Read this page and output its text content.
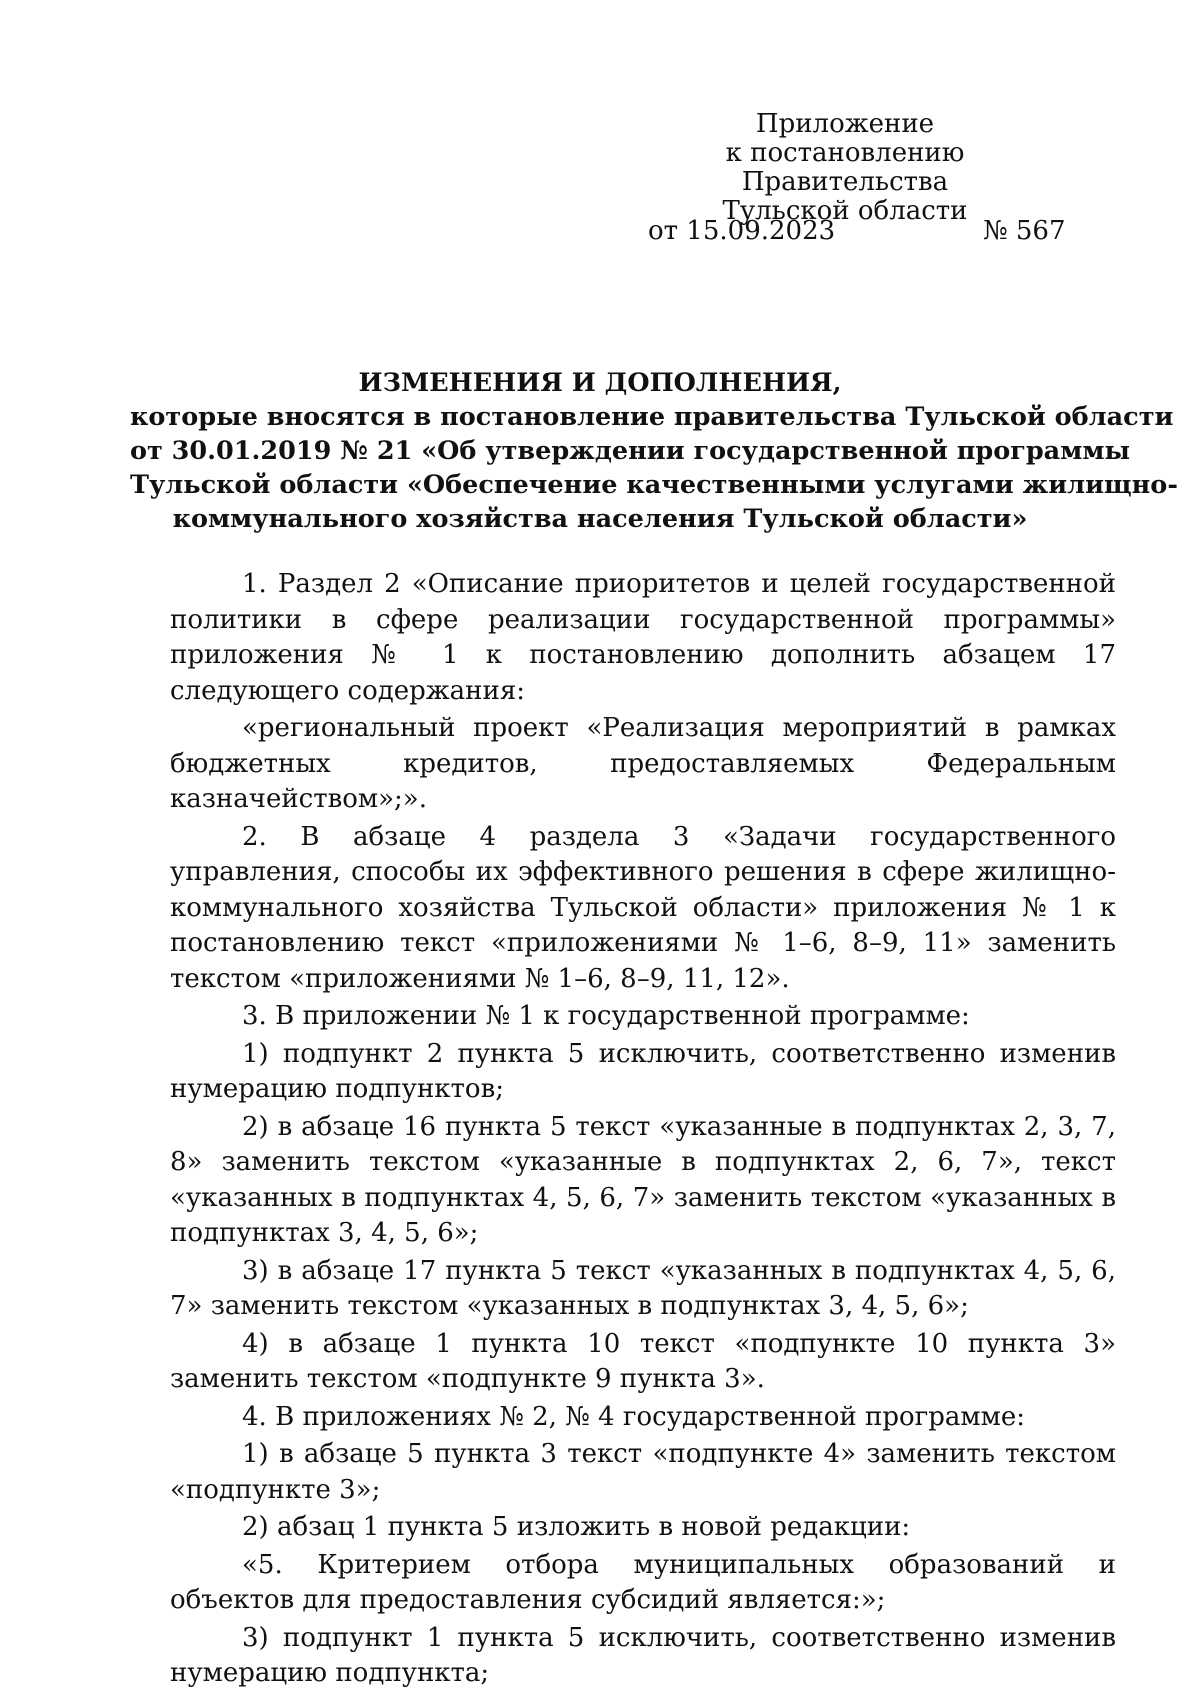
Приложение
к постановлению Правительства
Тульской области
от 15.09.2023	№ 567
ИЗМЕНЕНИЯ И ДОПОЛНЕНИЯ,
которые вносятся в постановление правительства Тульской области
от 30.01.2019 № 21 «Об утверждении государственной программы
Тульской области «Обеспечение качественными услугами жилищно-
коммунального хозяйства населения Тульской области»

1. Раздел 2 «Описание приоритетов и целей государственной политики в сфере реализации государственной программы» приложения № 1 к постановлению дополнить абзацем 17 следующего содержания:

«региональный проект «Реализация мероприятий в рамках бюджетных кредитов, предоставляемых Федеральным казначейством»;».

2. В абзаце 4 раздела 3 «Задачи государственного управления, способы их эффективного решения в сфере жилищно-коммунального хозяйства Тульской области» приложения № 1 к постановлению текст «приложениями № 1–6, 8–9, 11» заменить текстом «приложениями № 1–6, 8–9, 11, 12».

3. В приложении № 1 к государственной программе:

1) подпункт 2 пункта 5 исключить, соответственно изменив нумерацию подпунктов;

2) в абзаце 16 пункта 5 текст «указанные в подпунктах 2, 3, 7, 8» заменить текстом «указанные в подпунктах 2, 6, 7», текст «указанных в подпунктах 4, 5, 6, 7» заменить текстом «указанных в подпунктах 3, 4, 5, 6»;

3) в абзаце 17 пункта 5 текст «указанных в подпунктах 4, 5, 6, 7» заменить текстом «указанных в подпунктах 3, 4, 5, 6»;

4) в абзаце 1 пункта 10 текст «подпункте 10 пункта 3» заменить текстом «подпункте 9 пункта 3».

4. В приложениях № 2, № 4 государственной программе:

1) в абзаце 5 пункта 3 текст «подпункте 4» заменить текстом «подпункте 3»;

2) абзац 1 пункта 5 изложить в новой редакции:

«5. Критерием отбора муниципальных образований и объектов для предоставления субсидий является:»;

3) подпункт 1 пункта 5 исключить, соответственно изменив нумерацию подпункта;
